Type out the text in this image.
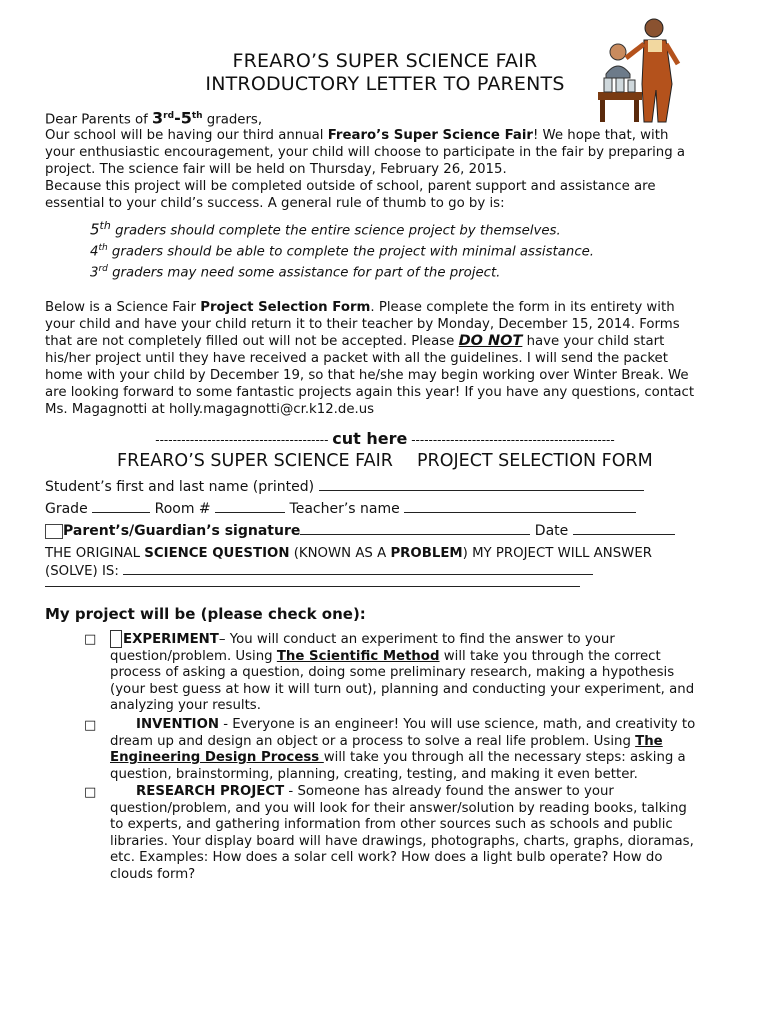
FREARO’S SUPER SCIENCE FAIR
INTRODUCTORY LETTER TO PARENTS
Dear Parents of 3rd-5th graders,
Our school will be having our third annual Frearo’s Super Science Fair! We hope that, with
your enthusiastic encouragement, your child will choose to participate in the fair by preparing a
project. The science fair will be held on Thursday, February 26, 2015.
Because this project will be completed outside of school, parent support and assistance are
essential to your child’s success. A general rule of thumb to go by is:
5th graders should complete the entire science project by themselves.
4th graders should be able to complete the project with minimal assistance.
3rd graders may need some assistance for part of the project.
Below is a Science Fair Project Selection Form. Please complete the form in its entirety with
your child and have your child return it to their teacher by Monday, December 15, 2014. Forms
that are not completely filled out will not be accepted. Please DO NOT have your child start
his/her project until they have received a packet with all the guidelines. I will send the packet
home with your child by December 19, so that he/she may begin working over Winter Break. We
are looking forward to some fantastic projects again this year! If you have any questions, contact
Ms. Magagnotti at holly.magagnotti@cr.k12.de.us
---------------------------------------- cut here -----------------------------------------------
FREARO’S SUPER SCIENCE FAIR PROJECT SELECTION FORM
Student’s first and last name (printed)
Grade	Room #	Teacher’s name
Parent’s/Guardian’s signature	Date
THE ORIGINAL SCIENCE QUESTION (KNOWN AS A PROBLEM) MY PROJECT WILL ANSWER
(SOLVE) IS:
My project will be (please check one):
□	EXPERIMENT– You will conduct an experiment to find the answer to your
question/problem. Using The Scientific Method will take you through the correct
process of asking a question, doing some preliminary research, making a hypothesis
(your best guess at how it will turn out), planning and conducting your experiment, and
analyzing your results.
□	INVENTION - Everyone is an engineer! You will use science, math, and creativity to
dream up and design an object or a process to solve a real life problem. Using The
Engineering Design Process will take you through all the necessary steps: asking a
question, brainstorming, planning, creating, testing, and making it even better.
□	RESEARCH PROJECT - Someone has already found the answer to your
question/problem, and you will look for their answer/solution by reading books, talking
to experts, and gathering information from other sources such as schools and public
libraries. Your display board will have drawings, photographs, charts, graphs, dioramas,
etc. Examples: How does a solar cell work? How does a light bulb operate? How do
clouds form?
